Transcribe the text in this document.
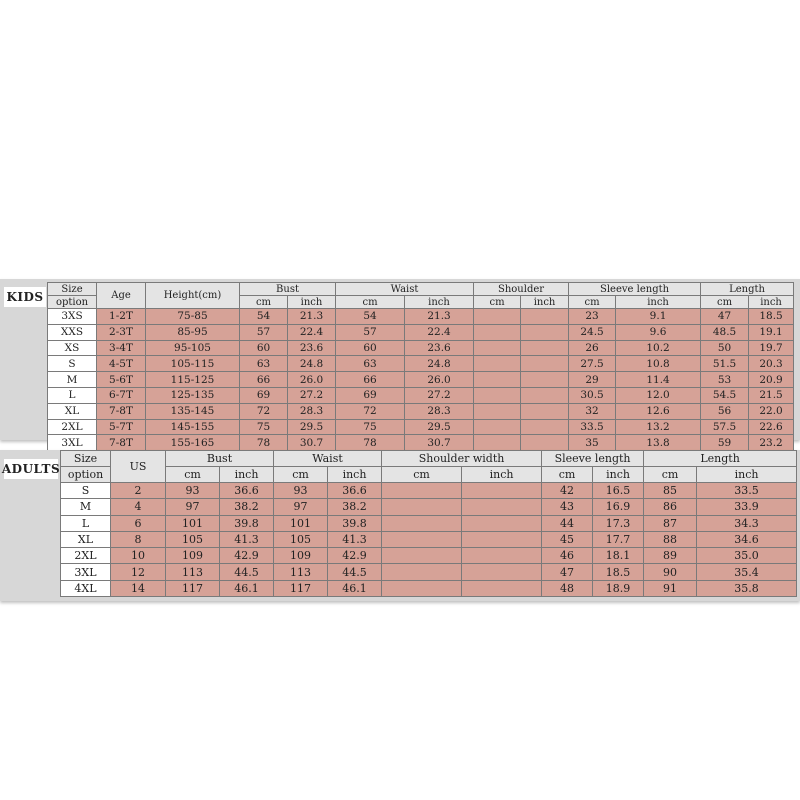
KIDS
Size	Age	Height(cm)	Bust		Waist		Shoulder		Sleeve length		Length	
option			cm	inch	cm	inch	cm	inch	cm	inch	cm	inch
3XS	1-2T	75-85	54	21.3	54	21.3			23	9.1	47	18.5
XXS	2-3T	85-95	57	22.4	57	22.4			24.5	9.6	48.5	19.1
XS	3-4T	95-105	60	23.6	60	23.6			26	10.2	50	19.7
S	4-5T	105-115	63	24.8	63	24.8			27.5	10.8	51.5	20.3
M	5-6T	115-125	66	26.0	66	26.0			29	11.4	53	20.9
L	6-7T	125-135	69	27.2	69	27.2			30.5	12.0	54.5	21.5
XL	7-8T	135-145	72	28.3	72	28.3			32	12.6	56	22.0
2XL	5-7T	145-155	75	29.5	75	29.5			33.5	13.2	57.5	22.6
3XL	7-8T	155-165	78	30.7	78	30.7			35	13.8	59	23.2
ADULTS
Size	US	Bust		Waist		Shoulder width		Sleeve length		Length	
option		cm	inch	cm	inch	cm	inch	cm	inch	cm	inch
S	2	93	36.6	93	36.6			42	16.5	85	33.5
M	4	97	38.2	97	38.2			43	16.9	86	33.9
L	6	101	39.8	101	39.8			44	17.3	87	34.3
XL	8	105	41.3	105	41.3			45	17.7	88	34.6
2XL	10	109	42.9	109	42.9			46	18.1	89	35.0
3XL	12	113	44.5	113	44.5			47	18.5	90	35.4
4XL	14	117	46.1	117	46.1			48	18.9	91	35.8
